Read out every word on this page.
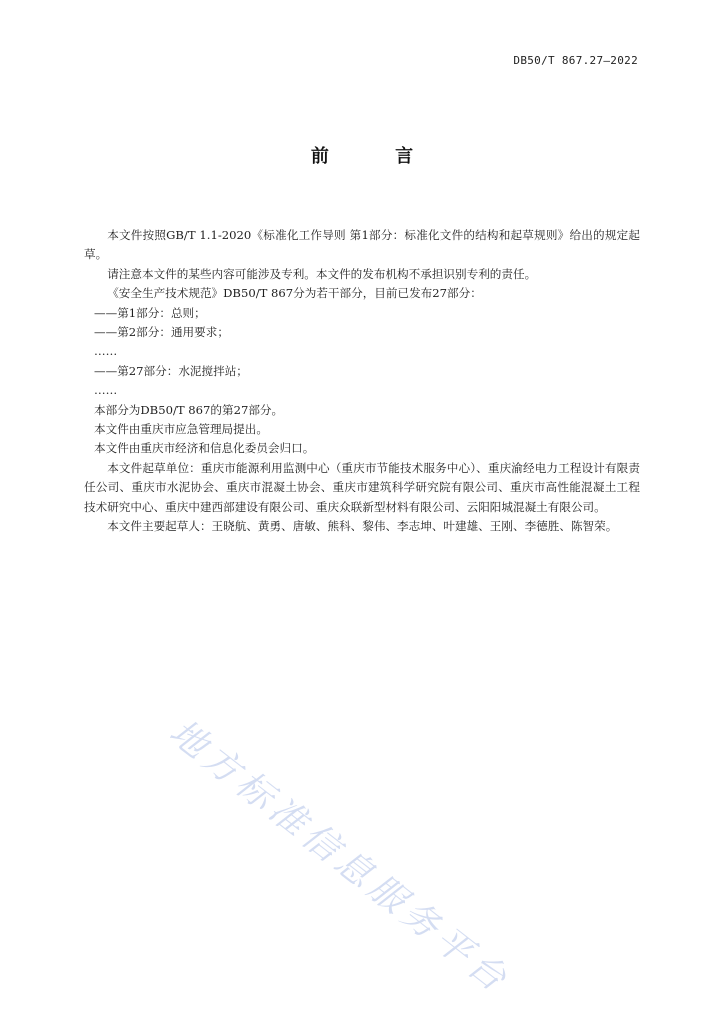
DB50/T 867.27—2022
前 言

本文件按照GB/T 1.1-2020《标准化工作导则 第1部分：标准化文件的结构和起草规则》给出的规定起草。

请注意本文件的某些内容可能涉及专利。本文件的发布机构不承担识别专利的责任。

《安全生产技术规范》DB50/T 867分为若干部分，目前已发布27部分：

——第1部分：总则；

——第2部分：通用要求；

……

——第27部分：水泥搅拌站；

……

本部分为DB50/T 867的第27部分。

本文件由重庆市应急管理局提出。

本文件由重庆市经济和信息化委员会归口。

本文件起草单位：重庆市能源利用监测中心（重庆市节能技术服务中心）、重庆渝经电力工程设计有限责任公司、重庆市水泥协会、重庆市混凝土协会、重庆市建筑科学研究院有限公司、重庆市高性能混凝土工程技术研究中心、重庆中建西部建设有限公司、重庆众联新型材料有限公司、云阳阳城混凝土有限公司。

本文件主要起草人：王晓航、黄勇、唐敏、熊科、黎伟、李志坤、叶建雄、王刚、李德胜、陈智荣。

地方标准信息服务平台
